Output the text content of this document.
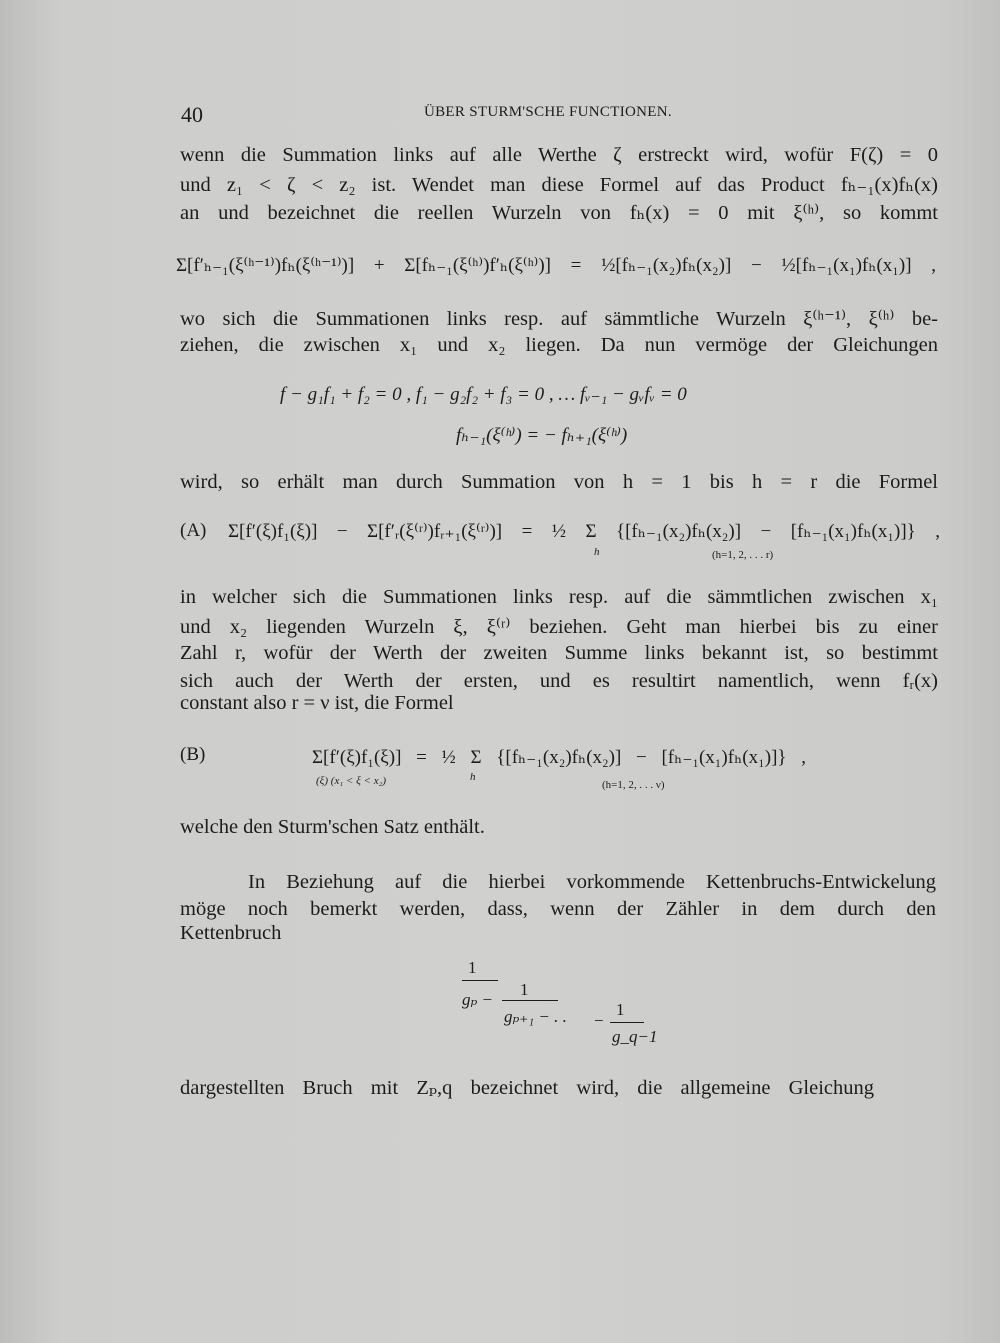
40	ÜBER STURM'SCHE FUNCTIONEN.
wenn die Summation links auf alle Werthe ζ erstreckt wird, wofür F(ζ) = 0
und z₁ < ζ < z₂ ist. Wendet man diese Formel auf das Product fₕ₋₁(x)fₕ(x)
an und bezeichnet die reellen Wurzeln von fₕ(x) = 0 mit ξ⁽ʰ⁾, so kommt
Σ[f′ₕ₋₁(ξ⁽ʰ⁻¹⁾)fₕ(ξ⁽ʰ⁻¹⁾)] + Σ[fₕ₋₁(ξ⁽ʰ⁾)f′ₕ(ξ⁽ʰ⁾)] = ½[fₕ₋₁(x₂)fₕ(x₂)] − ½[fₕ₋₁(x₁)fₕ(x₁)] ,
wo sich die Summationen links resp. auf sämmtliche Wurzeln ξ⁽ʰ⁻¹⁾, ξ⁽ʰ⁾ be-
ziehen, die zwischen x₁ und x₂ liegen. Da nun vermöge der Gleichungen
f − g₁f₁ + f₂ = 0 , f₁ − g₂f₂ + f₃ = 0 , … fᵥ₋₁ − gᵥfᵥ = 0
fₕ₋₁(ξ⁽ʰ⁾) = − fₕ₊₁(ξ⁽ʰ⁾)
wird, so erhält man durch Summation von h = 1 bis h = r die Formel
(A) Σ[f′(ξ)f₁(ξ)] − Σ[f′ᵣ(ξ⁽ʳ⁾)fᵣ₊₁(ξ⁽ʳ⁾)] = ½ Σ {[fₕ₋₁(x₂)fₕ(x₂)] − [fₕ₋₁(x₁)fₕ(x₁)]} ,
h	(h=1, 2, . . . r)
in welcher sich die Summationen links resp. auf die sämmtlichen zwischen x₁
und x₂ liegenden Wurzeln ξ, ξ⁽ʳ⁾ beziehen. Geht man hierbei bis zu einer
Zahl r, wofür der Werth der zweiten Summe links bekannt ist, so bestimmt
sich auch der Werth der ersten, und es resultirt namentlich, wenn fᵣ(x)
constant also r = ν ist, die Formel
(B)	Σ[f′(ξ)f₁(ξ)] = ½ Σ {[fₕ₋₁(x₂)fₕ(x₂)] − [fₕ₋₁(x₁)fₕ(x₁)]} ,
(ξ) (x₁ < ξ < x₂)	h
(h=1, 2, . . . ν)
welche den Sturm'schen Satz enthält.
In Beziehung auf die hierbei vorkommende Kettenbruchs-Entwickelung
möge noch bemerkt werden, dass, wenn der Zähler in dem durch den
Kettenbruch
1
gₚ −
1
gₚ₊₁ − . . −
1
g_q−1
dargestellten Bruch mit Zₚ,q bezeichnet wird, die allgemeine Gleichung
